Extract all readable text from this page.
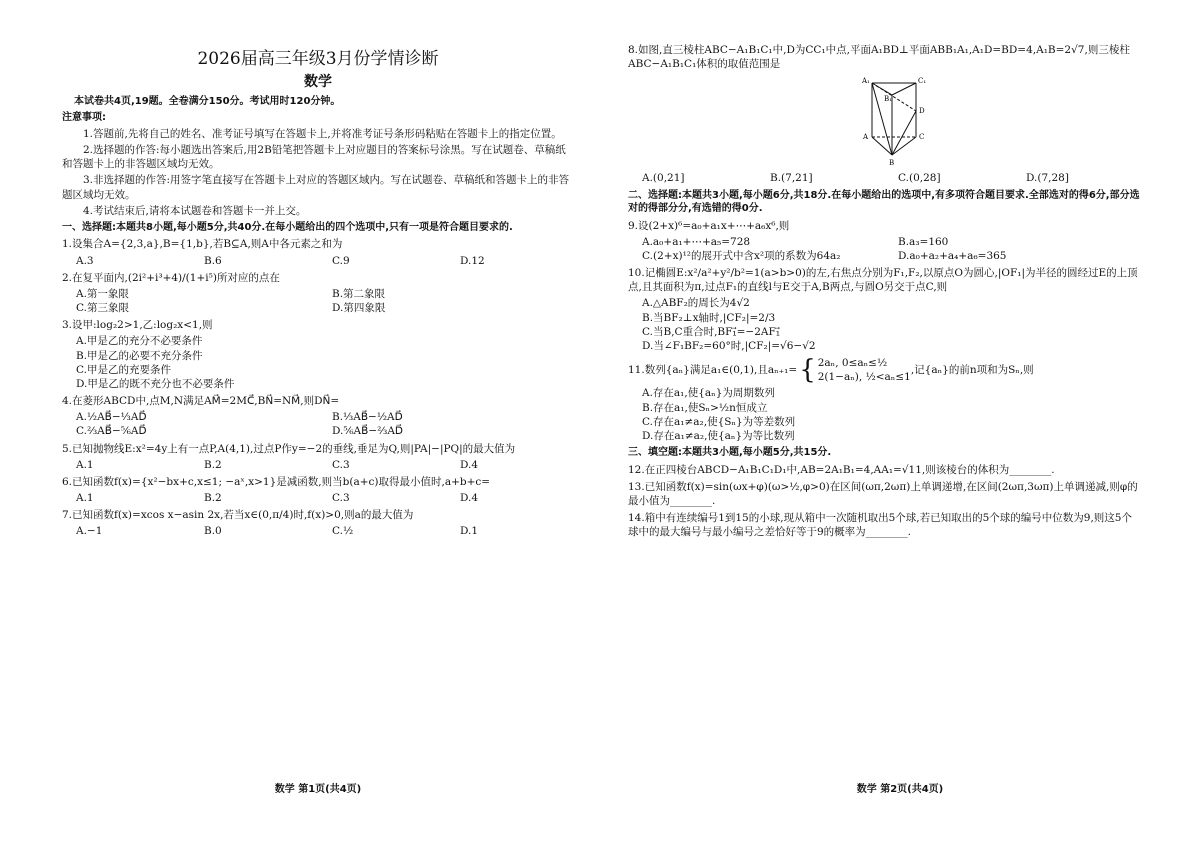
2026届高三年级3月份学情诊断
数学
本试卷共4页,19题。全卷满分150分。考试用时120分钟。
注意事项:

1.答题前,先将自己的姓名、准考证号填写在答题卡上,并将准考证号条形码粘贴在答题卡上的指定位置。

2.选择题的作答:每小题选出答案后,用2B铅笔把答题卡上对应题目的答案标号涂黑。写在试题卷、草稿纸和答题卡上的非答题区域均无效。

3.非选择题的作答:用签字笔直接写在答题卡上对应的答题区域内。写在试题卷、草稿纸和答题卡上的非答题区域均无效。

4.考试结束后,请将本试题卷和答题卡一并上交。

一、选择题:本题共8小题,每小题5分,共40分.在每小题给出的四个选项中,只有一项是符合题目要求的.
1.设集合A={2,3,a},B={1,b},若B⊆A,则A中各元素之和为
A.3	B.6	C.9	D.12
2.在复平面内,(2i²+i³+4)/(1+i⁵)所对应的点在
A.第一象限	B.第二象限
C.第三象限	D.第四象限
3.设甲:log₂2>1,乙:log₂x<1,则
A.甲是乙的充分不必要条件
B.甲是乙的必要不充分条件
C.甲是乙的充要条件
D.甲是乙的既不充分也不必要条件
4.在菱形ABCD中,点M,N满足AM⃗=2MC⃗,BN⃗=NM⃗,则DN⃗=
A.½AB⃗−⅓AD⃗	B.⅓AB⃗−½AD⃗
C.⅔AB⃗−⅚AD⃗	D.⅚AB⃗−⅔AD⃗
5.已知抛物线E:x²=4y上有一点P,A(4,1),过点P作y=−2的垂线,垂足为Q,则|PA|−|PQ|的最大值为
A.1	B.2	C.3	D.4
6.已知函数f(x)={x²−bx+c,x≤1; −aˣ,x>1}是减函数,则当b(a+c)取得最小值时,a+b+c=
A.1	B.2	C.3	D.4
7.已知函数f(x)=xcos x−asin 2x,若当x∈(0,π/4)时,f(x)>0,则a的最大值为
A.−1	B.0	C.½	D.1
数学 第1页(共4页)
8.如图,直三棱柱ABC−A₁B₁C₁中,D为CC₁中点,平面A₁BD⊥平面ABB₁A₁,A₁D=BD=4,A₁B=2√7,则三棱柱ABC−A₁B₁C₁体积的取值范围是
A₁	C₁
B₁
D
A	C
B
A.(0,21]	B.(7,21]	C.(0,28]	D.(7,28]
二、选择题:本题共3小题,每小题6分,共18分.在每小题给出的选项中,有多项符合题目要求.全部选对的得6分,部分选对的得部分分,有选错的得0分.
9.设(2+x)⁶=a₀+a₁x+⋯+a₆x⁶,则
A.a₀+a₁+⋯+a₅=728	B.a₃=160
C.(2+x)¹²的展开式中含x²项的系数为64a₂	D.a₀+a₂+a₄+a₆=365
10.记椭圆E:x²/a²+y²/b²=1(a>b>0)的左,右焦点分别为F₁,F₂,以原点O为圆心,|OF₁|为半径的圆经过E的上顶点,且其面积为π,过点F₁的直线l与E交于A,B两点,与圆O另交于点C,则
A.△ABF₂的周长为4√2
B.当BF₂⊥x轴时,|CF₂|=2/3
C.当B,C重合时,BF₁⃗=−2AF₁⃗
D.当∠F₁BF₂=60°时,|CF₂|=√6−√2
11.数列{aₙ}满足a₁∈(0,1),且aₙ₊₁= { 2aₙ, 0≤aₙ≤½
2(1−aₙ), ½<aₙ≤1
,记{aₙ}的前n项和为Sₙ,则
A.存在a₁,使{aₙ}为周期数列
B.存在a₁,使Sₙ>½n恒成立
C.存在a₁≠a₂,使{Sₙ}为等差数列
D.存在a₁≠a₂,使{aₙ}为等比数列
三、填空题:本题共3小题,每小题5分,共15分.
12.在正四棱台ABCD−A₁B₁C₁D₁中,AB=2A₁B₁=4,AA₁=√11,则该棱台的体积为________.
13.已知函数f(x)=sin(ωx+φ)(ω>½,φ>0)在区间(ωπ,2ωπ)上单调递增,在区间(2ωπ,3ωπ)上单调递减,则φ的最小值为________.
14.箱中有连续编号1到15的小球,现从箱中一次随机取出5个球,若已知取出的5个球的编号中位数为9,则这5个球中的最大编号与最小编号之差恰好等于9的概率为________.
数学 第2页(共4页)
